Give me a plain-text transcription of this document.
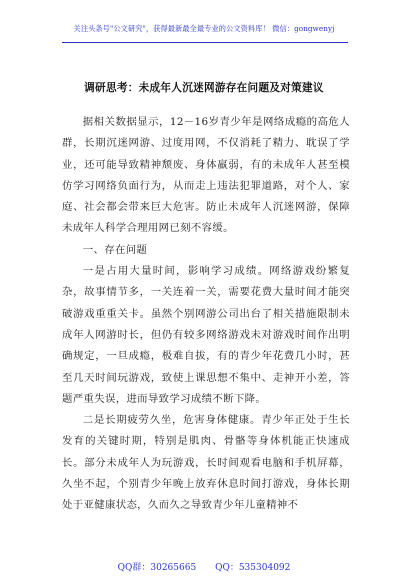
关注头条号"公文研究"，获得最新最全最专业的公文资料库！ 微信：gongwenyj
调研思考：未成年人沉迷网游存在问题及对策建议

据相关数据显示，12－16岁青少年是网络成瘾的高危人群，长期沉迷网游、过度用网，不仅消耗了精力、耽误了学业，还可能导致精神颓废、身体羸弱，有的未成年人甚至模仿学习网络负面行为，从而走上违法犯罪道路，对个人、家庭、社会都会带来巨大危害。防止未成年人沉迷网游，保障未成年人科学合理用网已刻不容缓。

一、存在问题

一是占用大量时间，影响学习成绩。网络游戏纷繁复杂，故事情节多，一关连着一关，需要花费大量时间才能突破游戏重重关卡。虽然个别网游公司出台了相关措施限制未成年人网游时长，但仍有较多网络游戏未对游戏时间作出明确规定，一旦成瘾，极难自拔，有的青少年花费几小时，甚至几天时间玩游戏，致使上课思想不集中、走神开小差，答题严重失误，进而导致学习成绩不断下降。

二是长期疲劳久坐，危害身体健康。青少年正处于生长发育的关键时期，特别是肌肉、骨骼等身体机能正快速成长。部分未成年人为玩游戏，长时间观看电脑和手机屏幕，久坐不起，个别青少年晚上放弃休息时间打游戏，身体长期处于亚健康状态，久而久之导致青少年儿童精神不

QQ群：30265665 QQ：535304092
